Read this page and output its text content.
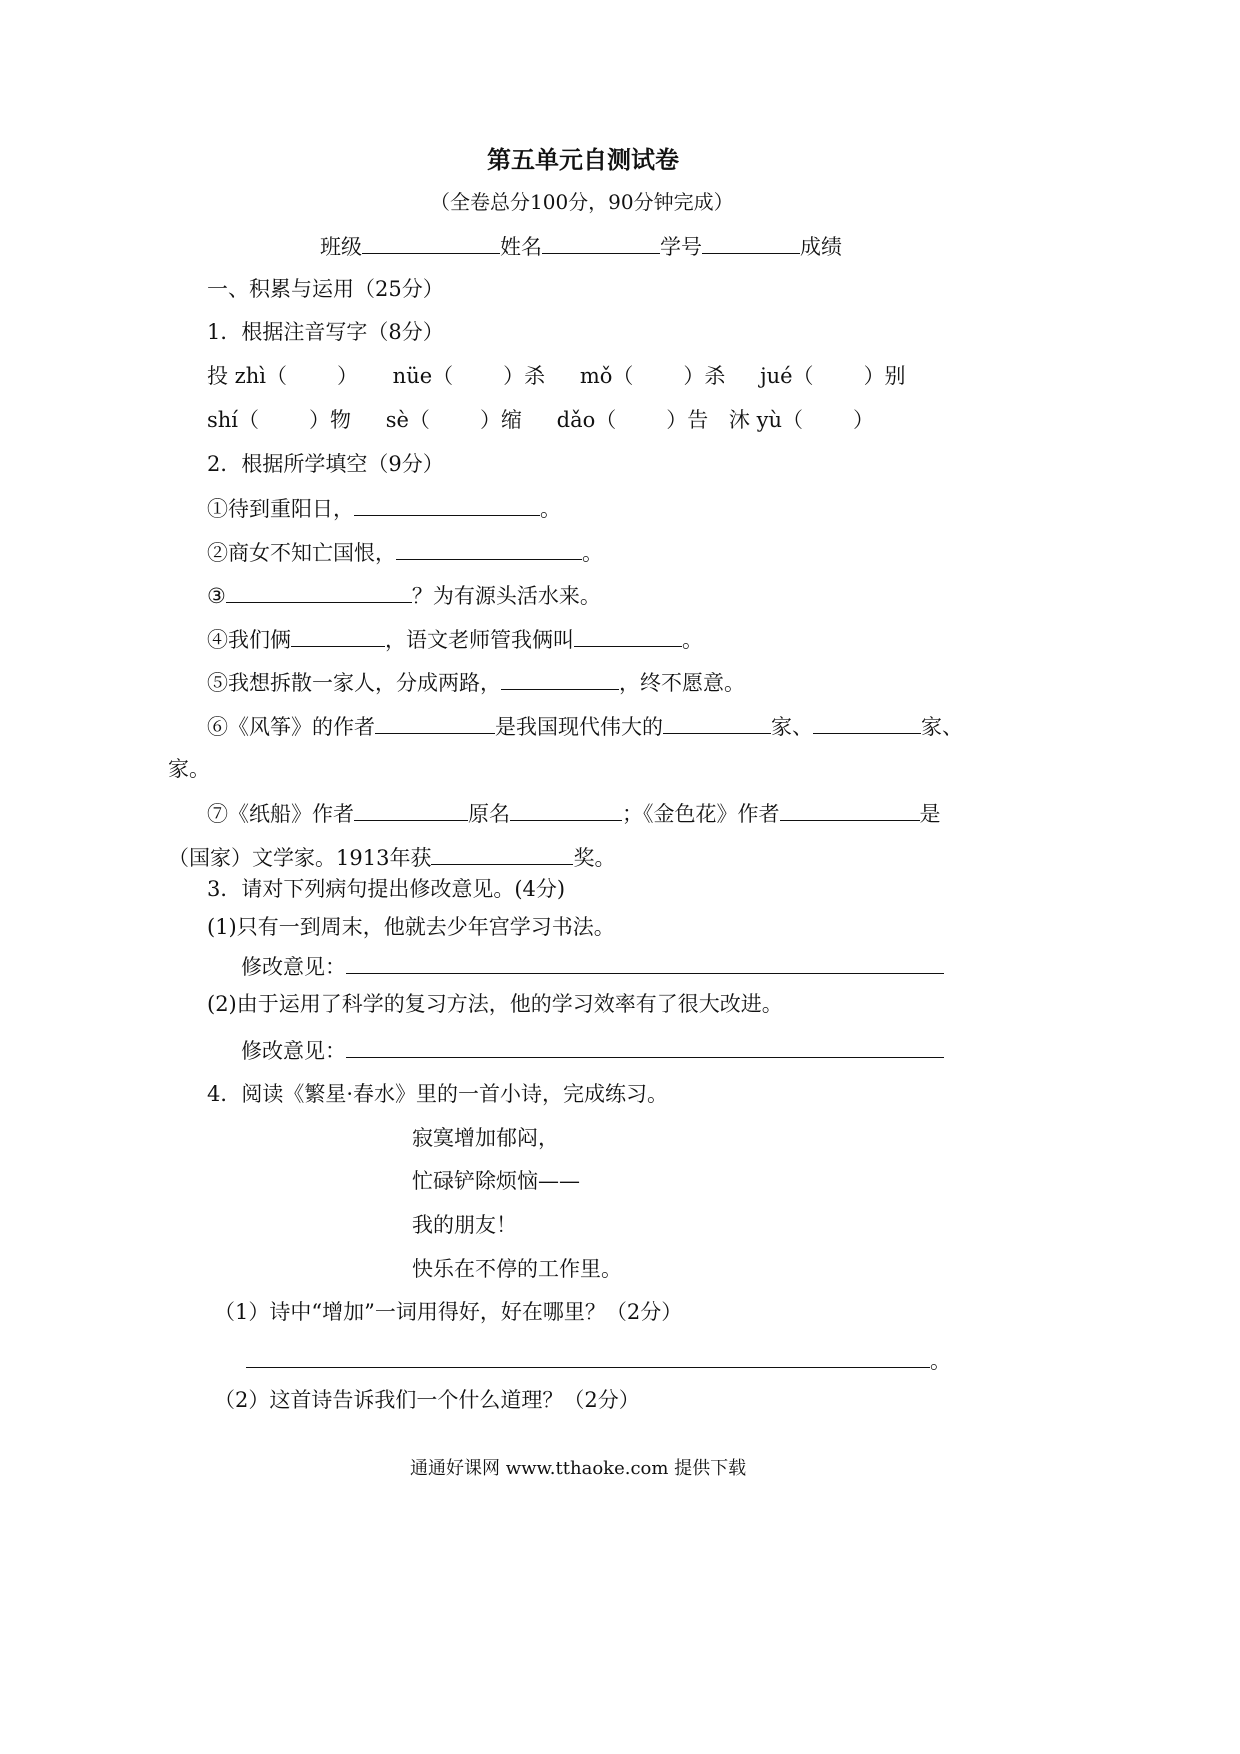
第五单元自测试卷
（全卷总分100分，90分钟完成）
班级	姓名	学号	成绩
一、积累与运用（25分）
1．根据注音写字（8分）
投 zhì（ ） nüe（ ）杀 mǒ（ ）杀 jué（ ）别
shí（ ）物 sè（ ）缩 dǎo（ ）告 沐 yù（ ）
2．根据所学填空（9分）
①待到重阳日，	。
②商女不知亡国恨，	。
③	？为有源头活水来。
④我们俩	，语文老师管我俩叫	。
⑤我想拆散一家人，分成两路，	，终不愿意。
⑥《风筝》的作者	是我国现代伟大的	家、	家、
家。
⑦《纸船》作者	原名	；《金色花》作者	是
（国家）文学家。1913年获	奖。
3．请对下列病句提出修改意见。(4分)
(1)只有一到周末，他就去少年宫学习书法。
修改意见：
(2)由于运用了科学的复习方法，他的学习效率有了很大改进。
修改意见：
4．阅读《繁星·春水》里的一首小诗，完成练习。
寂寞增加郁闷，
忙碌铲除烦恼——
我的朋友！
快乐在不停的工作里。
（1）诗中“增加”一词用得好，好在哪里？（2分）
。
（2）这首诗告诉我们一个什么道理？（2分）
通通好课网 www.tthaoke.com 提供下载
